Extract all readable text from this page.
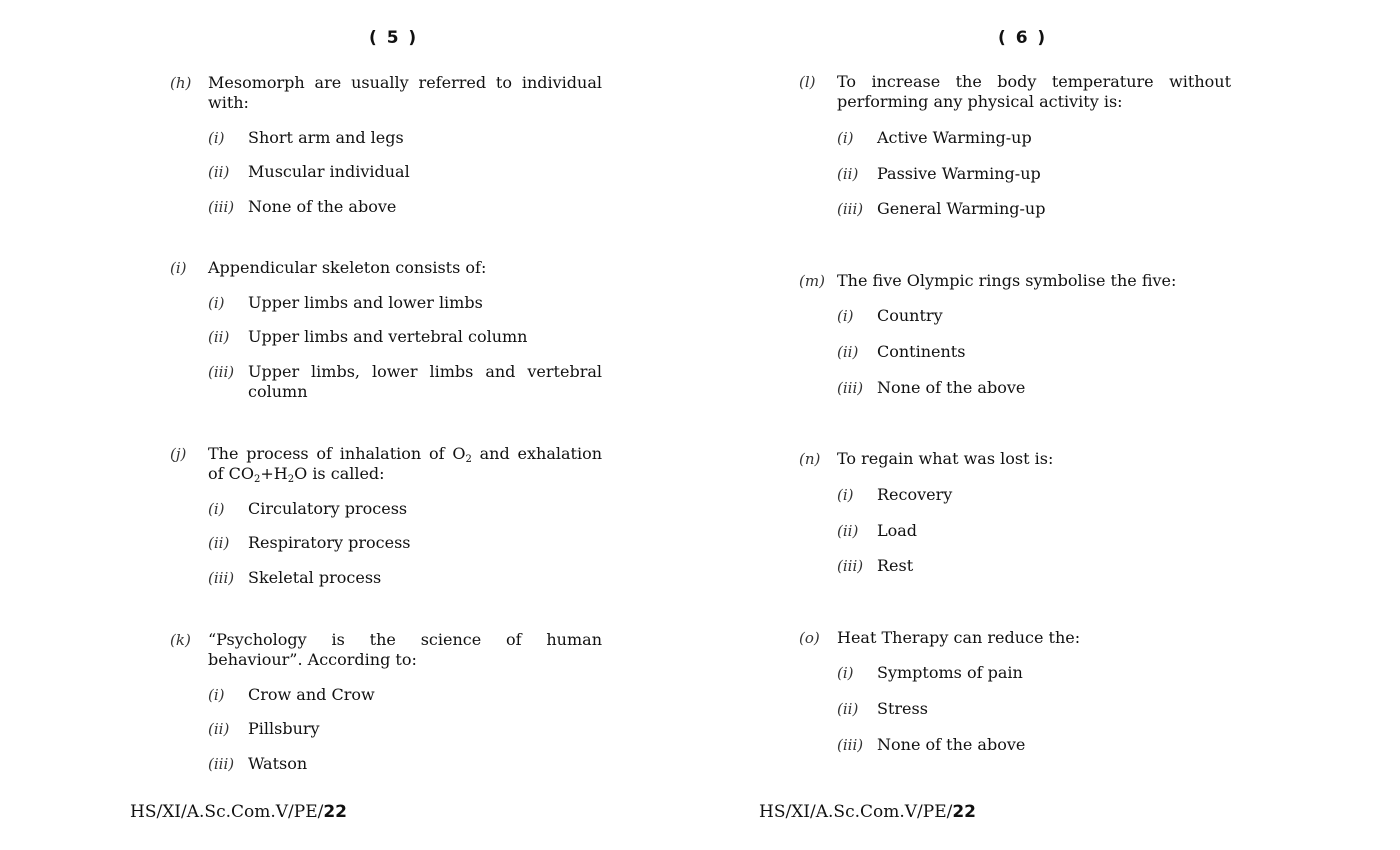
( 5 )
(h) Mesomorph are usually referred to individual with:
(i) Short arm and legs
(ii) Muscular individual
(iii) None of the above
(i) Appendicular skeleton consists of:
(i) Upper limbs and lower limbs
(ii) Upper limbs and vertebral column
(iii) Upper limbs, lower limbs and vertebral column
(j) The process of inhalation of $O_2$ and exhalation of $CO_2+H_2O$ is called:
(i) Circulatory process
(ii) Respiratory process
(iii) Skeletal process
(k) “Psychology is the science of human behaviour”. According to:
(i) Crow and Crow
(ii) Pillsbury
(iii) Watson
HS/XI/A.Sc.Com.V/PE/22
( 6 )
(l) To increase the body temperature without performing any physical activity is:
(i) Active Warming-up
(ii) Passive Warming-up
(iii) General Warming-up
(m) The five Olympic rings symbolise the five:
(i) Country
(ii) Continents
(iii) None of the above
(n) To regain what was lost is:
(i) Recovery
(ii) Load
(iii) Rest
(o) Heat Therapy can reduce the:
(i) Symptoms of pain
(ii) Stress
(iii) None of the above
HS/XI/A.Sc.Com.V/PE/22
